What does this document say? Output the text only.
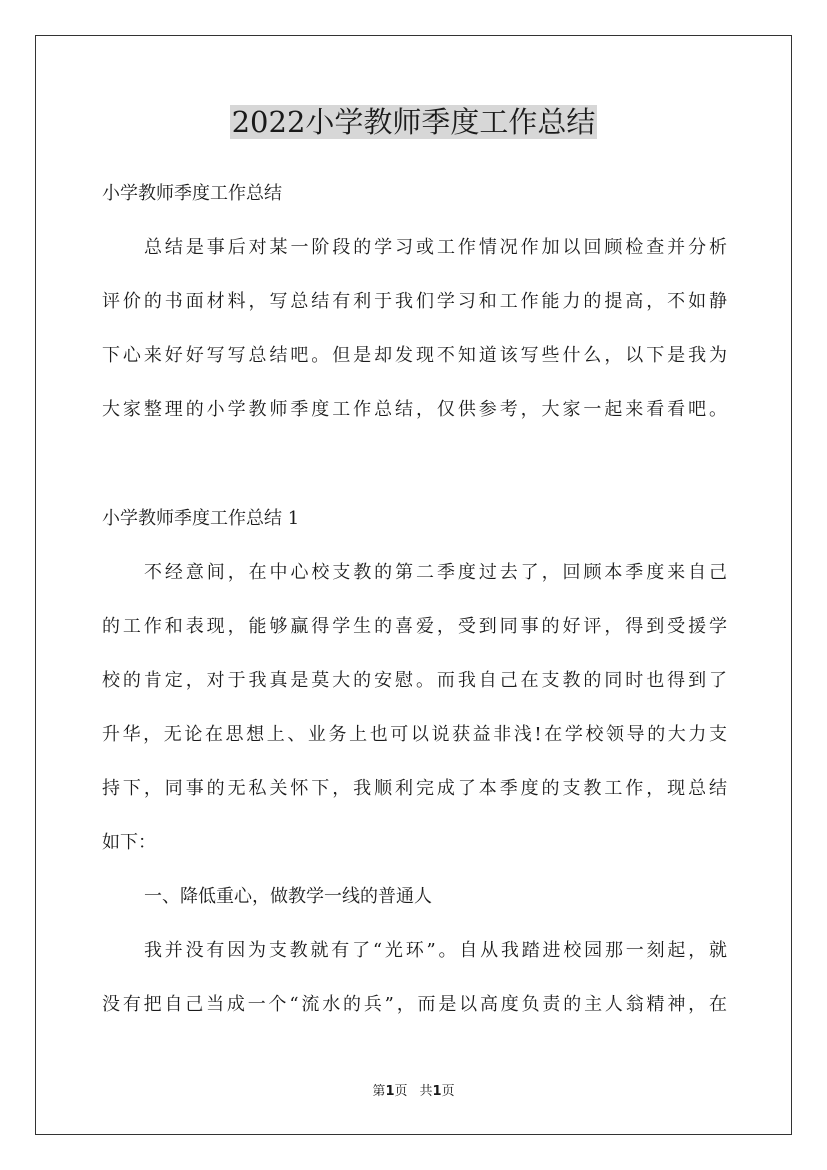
2022小学教师季度工作总结
小学教师季度工作总结
总结是事后对某一阶段的学习或工作情况作加以回顾检查并分析
评价的书面材料，写总结有利于我们学习和工作能力的提高，不如静
下心来好好写写总结吧。但是却发现不知道该写些什么，以下是我为
大家整理的小学教师季度工作总结，仅供参考，大家一起来看看吧。
小学教师季度工作总结 1
不经意间，在中心校支教的第二季度过去了，回顾本季度来自己
的工作和表现，能够赢得学生的喜爱，受到同事的好评，得到受援学
校的肯定，对于我真是莫大的安慰。而我自己在支教的同时也得到了
升华，无论在思想上、业务上也可以说获益非浅!在学校领导的大力支
持下，同事的无私关怀下，我顺利完成了本季度的支教工作，现总结
如下：
一、降低重心，做教学一线的普通人
我并没有因为支教就有了“光环”。自从我踏进校园那一刻起，就
没有把自己当成一个“流水的兵”，而是以高度负责的主人翁精神，在
第1页 共1页
